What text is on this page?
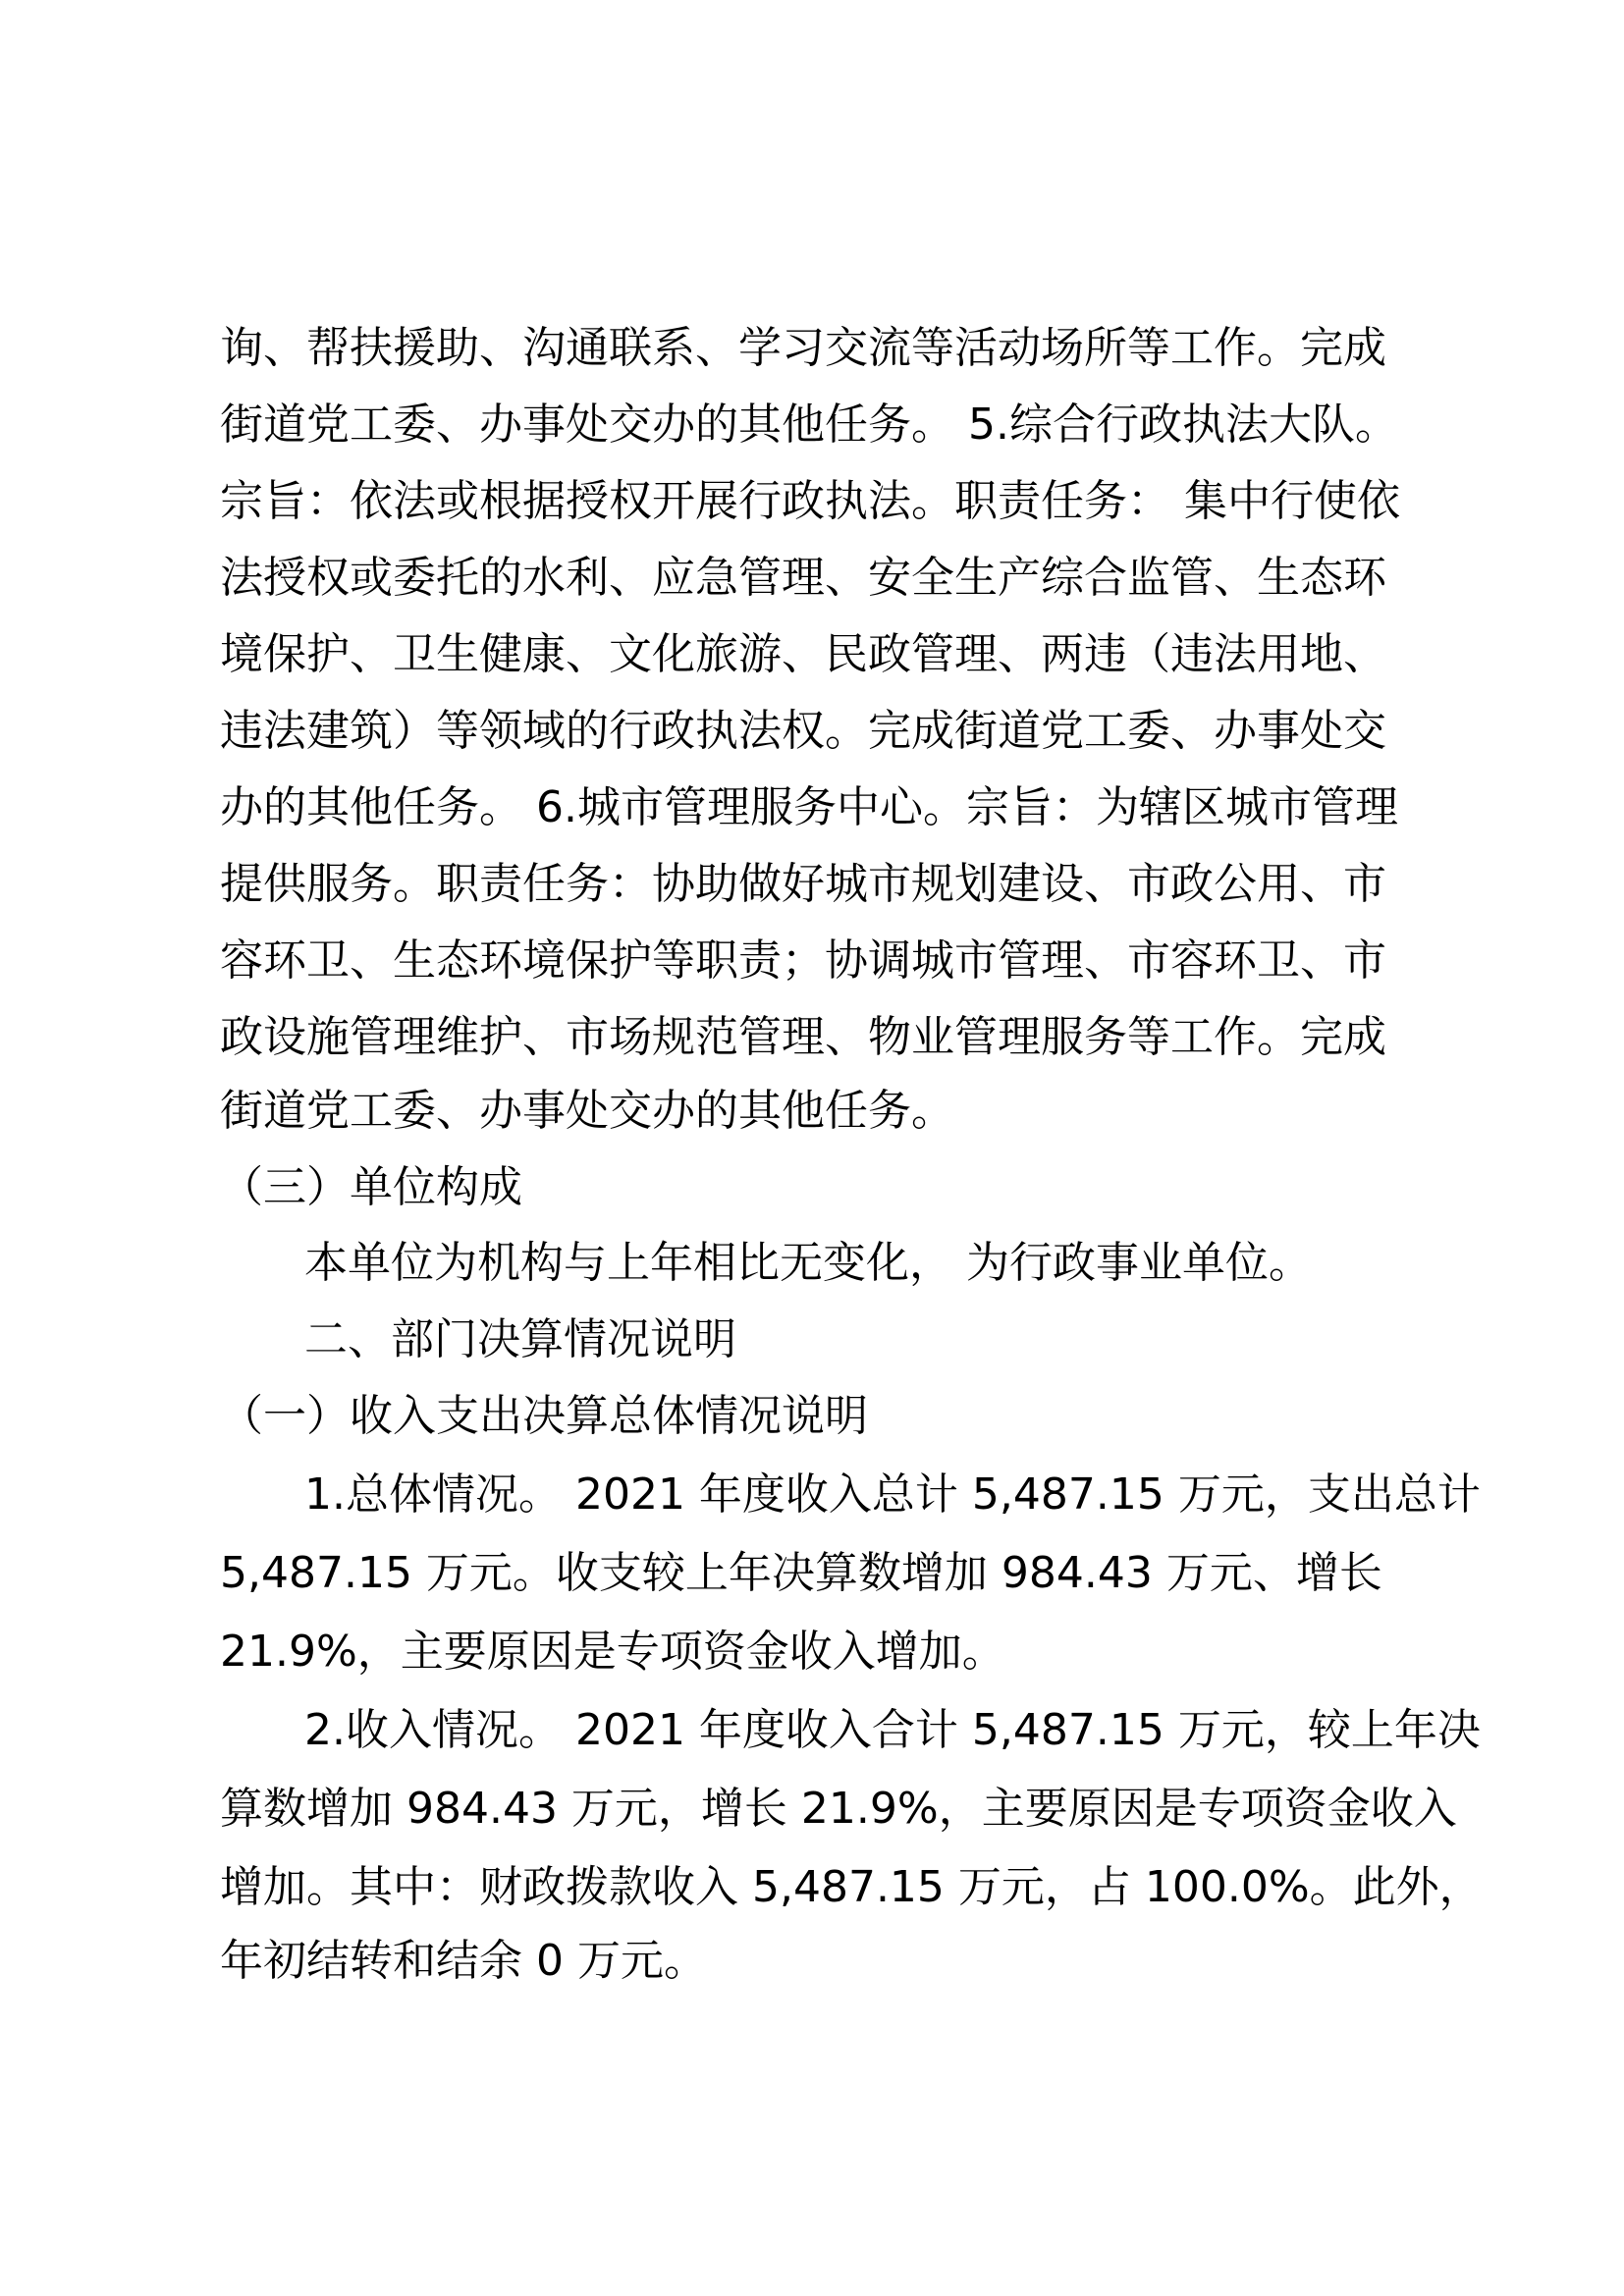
询、帮扶援助、沟通联系、学习交流等活动场所等工作。完成
街道党工委、办事处交办的其他任务。 5.综合行政执法大队。
宗旨：依法或根据授权开展行政执法。职责任务： 集中行使依
法授权或委托的水利、应急管理、安全生产综合监管、生态环
境保护、卫生健康、文化旅游、民政管理、两违（违法用地、
违法建筑）等领域的行政执法权。完成街道党工委、办事处交
办的其他任务。 6.城市管理服务中心。宗旨：为辖区城市管理
提供服务。职责任务：协助做好城市规划建设、市政公用、市
容环卫、生态环境保护等职责；协调城市管理、市容环卫、市
政设施管理维护、市场规范管理、物业管理服务等工作。完成
街道党工委、办事处交办的其他任务。
（三）单位构成
本单位为机构与上年相比无变化， 为行政事业单位。
二、部门决算情况说明
（一）收入支出决算总体情况说明
1.总体情况。 2021 年度收入总计 5,487.15 万元，支出总计
5,487.15 万元。收支较上年决算数增加 984.43 万元、增长
21.9%，主要原因是专项资金收入增加。
2.收入情况。 2021 年度收入合计 5,487.15 万元，较上年决
算数增加 984.43 万元，增长 21.9%，主要原因是专项资金收入
增加。其中：财政拨款收入 5,487.15 万元，占 100.0%。此外，
年初结转和结余 0 万元。
